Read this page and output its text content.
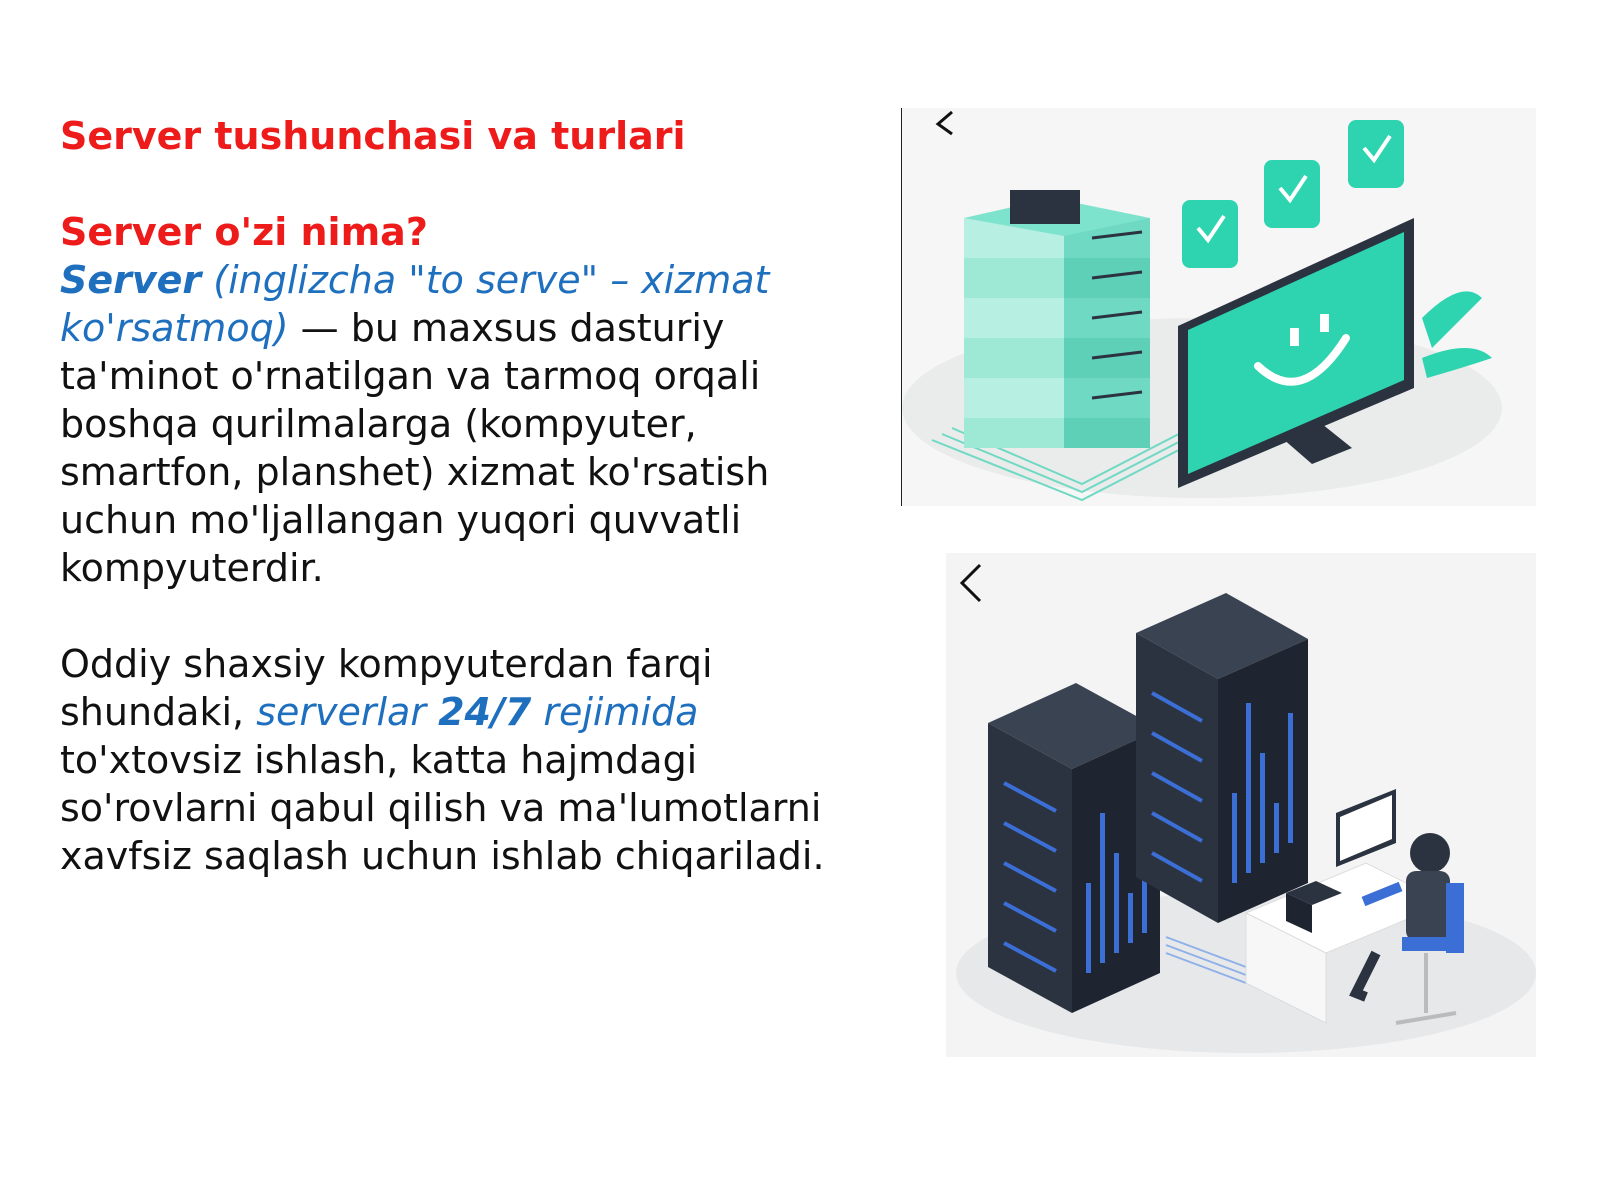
Server tushunchasi va turlari
Server o'zi nima?

Server (inglizcha "to serve" – xizmat ko'rsatmoq) — bu maxsus dasturiy ta'minot o'rnatilgan va tarmoq orqali boshqa qurilmalarga (kompyuter, smartfon, planshet) xizmat ko'rsatish uchun mo'ljallangan yuqori quvvatli kompyuterdir.

Oddiy shaxsiy kompyuterdan farqi shundaki, serverlar 24/7 rejimida to'xtovsiz ishlash, katta hajmdagi so'rovlarni qabul qilish va ma'lumotlarni xavfsiz saqlash uchun ishlab chiqariladi.
